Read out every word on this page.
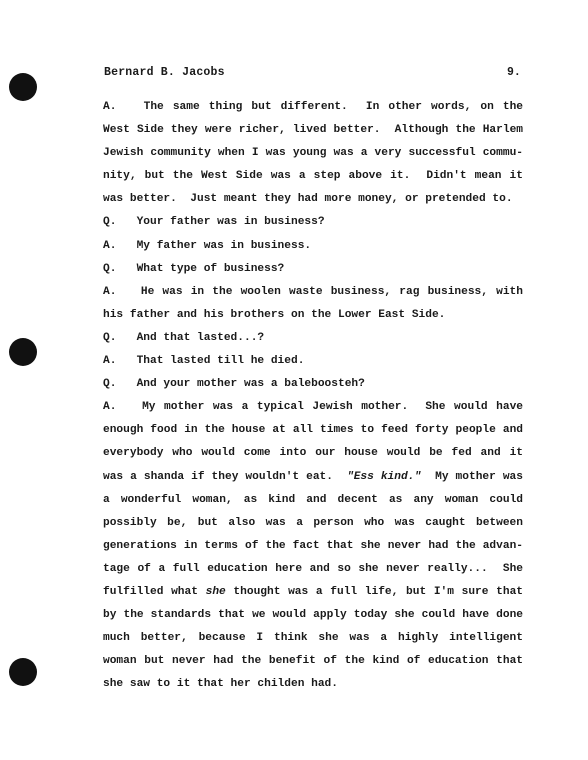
Bernard B. Jacobs	9.
A.   The same thing but different.  In other words, on the
West Side they were richer, lived better.  Although the Harlem
Jewish community when I was young was a very successful commu-
nity, but the West Side was a step above it.  Didn't mean it
was better.  Just meant they had more money, or pretended to.
Q.   Your father was in business?
A.   My father was in business.
Q.   What type of business?
A.   He was in the woolen waste business, rag business, with
his father and his brothers on the Lower East Side.
Q.   And that lasted...?
A.   That lasted till he died.
Q.   And your mother was a baleboosteh?
A.   My mother was a typical Jewish mother.  She would have
enough food in the house at all times to feed forty people and
everybody who would come into our house would be fed and it
was a shanda if they wouldn't eat.  "Ess kind."  My mother was
a wonderful woman, as kind and decent as any woman could
possibly be, but also was a person who was caught between
generations in terms of the fact that she never had the advan-
tage of a full education here and so she never really...  She
fulfilled what she thought was a full life, but I'm sure that
by the standards that we would apply today she could have done
much better, because I think she was a highly intelligent
woman but never had the benefit of the kind of education that
she saw to it that her childen had.
